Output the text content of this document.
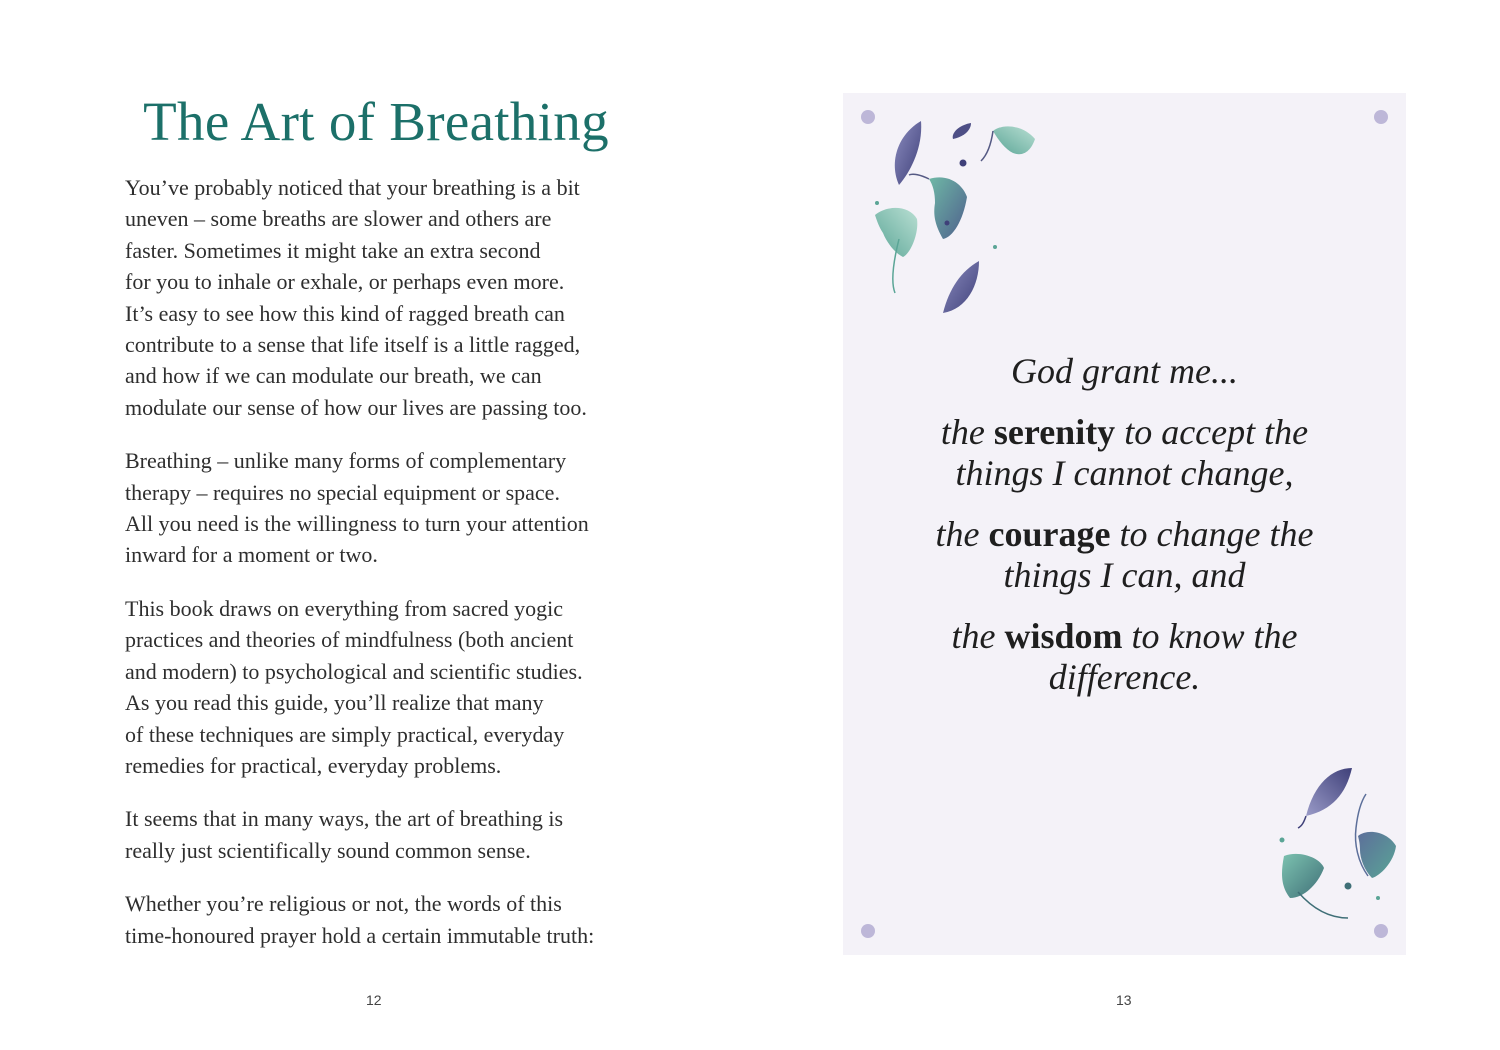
The Art of Breathing

You’ve probably noticed that your breathing is a bit
uneven – some breaths are slower and others are
faster. Sometimes it might take an extra second
for you to inhale or exhale, or perhaps even more.
It’s easy to see how this kind of ragged breath can
contribute to a sense that life itself is a little ragged,
and how if we can modulate our breath, we can
modulate our sense of how our lives are passing too.

Breathing – unlike many forms of complementary
therapy – requires no special equipment or space.
All you need is the willingness to turn your attention
inward for a moment or two.

This book draws on everything from sacred yogic
practices and theories of mindfulness (both ancient
and modern) to psychological and scientific studies.
As you read this guide, you’ll realize that many
of these techniques are simply practical, everyday
remedies for practical, everyday problems.

It seems that in many ways, the art of breathing is
really just scientifically sound common sense.

Whether you’re religious or not, the words of this
time-honoured prayer hold a certain immutable truth:

12
God grant me...
the serenity to accept the
things I cannot change,
the courage to change the
things I can, and
the wisdom to know the
difference.
13
